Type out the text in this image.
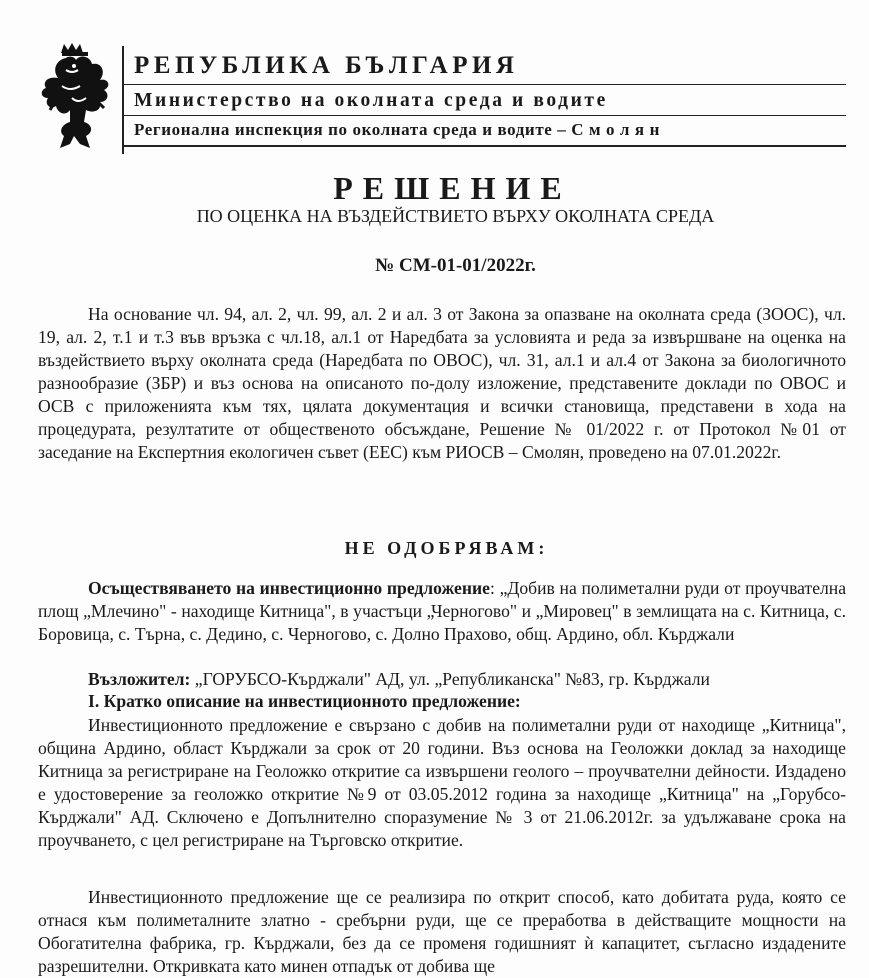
РЕПУБЛИКА БЪЛГАРИЯ
Министерство на околната среда и водите
Регионална инспекция по околната среда и водите – С м о л я н
РЕШЕНИЕ
ПО ОЦЕНКА НА ВЪЗДЕЙСТВИЕТО ВЪРХУ ОКОЛНАТА СРЕДА
№ СМ-01-01/2022г.
На основание чл. 94, ал. 2, чл. 99, ал. 2 и ал. 3 от Закона за опазване на околната среда (ЗООС), чл. 19, ал. 2, т.1 и т.3 във връзка с чл.18, ал.1 от Наредбата за условията и реда за извършване на оценка на въздействието върху околната среда (Наредбата по ОВОС), чл. 31, ал.1 и ал.4 от Закона за биологичното разнообразие (ЗБР) и въз основа на описаното по-долу изложение, представените доклади по ОВОС и ОСВ с приложенията към тях, цялата документация и всички становища, представени в хода на процедурата, резултатите от общественото обсъждане, Решение № 01/2022 г. от Протокол №01 от заседание на Експертния екологичен съвет (ЕЕС) към РИОСВ – Смолян, проведено на 07.01.2022г.
НЕ ОДОБРЯВАМ:
Осъществяването на инвестиционно предложение: „Добив на полиметални руди от проучвателна площ „Млечино" - находище Китница", в участъци „Черногово" и „Мировец" в землищата на с. Китница, с. Боровица, с. Търна, с. Дедино, с. Черногово, с. Долно Прахово, общ. Ардино, обл. Кърджали
Възложител: „ГОРУБСО-Кърджали" АД, ул. „Републиканска" №83, гр. Кърджали
I. Кратко описание на инвестиционното предложение:
Инвестиционното предложение е свързано с добив на полиметални руди от находище „Китница", община Ардино, област Кърджали за срок от 20 години. Въз основа на Геоложки доклад за находище Китница за регистриране на Геоложко откритие са извършени геолого – проучвателни дейности. Издадено е удостоверение за геоложко откритие №9 от 03.05.2012 година за находище „Китница" на „Горубсо-Кърджали" АД. Сключено е Допълнително споразумение № 3 от 21.06.2012г. за удължаване срока на проучването, с цел регистриране на Търговско откритие.
Инвестиционното предложение ще се реализира по открит способ, като добитата руда, която се отнася към полиметалните златно - сребърни руди, ще се преработва в действащите мощности на Обогатителна фабрика, гр. Кърджали, без да се променя годишният ѝ капацитет, съгласно издадените разрешителни. Откривката като минен отпадък от добива ще
